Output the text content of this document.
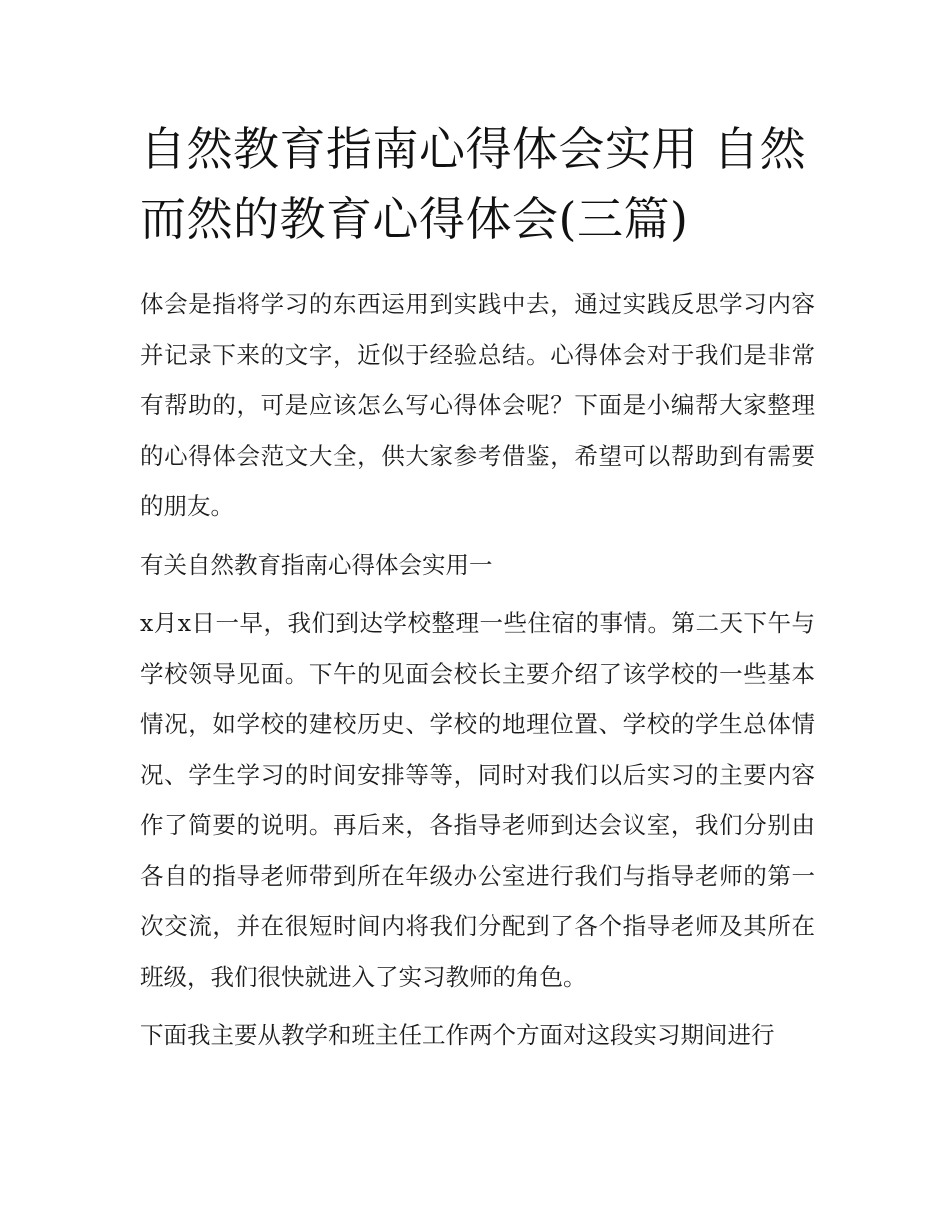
自然教育指南心得体会实用 自然而然的教育心得体会(三篇)

体会是指将学习的东西运用到实践中去，通过实践反思学习内容并记录下来的文字，近似于经验总结。心得体会对于我们是非常有帮助的，可是应该怎么写心得体会呢？下面是小编帮大家整理的心得体会范文大全，供大家参考借鉴，希望可以帮助到有需要的朋友。

有关自然教育指南心得体会实用一

x月x日一早，我们到达学校整理一些住宿的事情。第二天下午与学校领导见面。下午的见面会校长主要介绍了该学校的一些基本情况，如学校的建校历史、学校的地理位置、学校的学生总体情况、学生学习的时间安排等等，同时对我们以后实习的主要内容作了简要的说明。再后来，各指导老师到达会议室，我们分别由各自的指导老师带到所在年级办公室进行我们与指导老师的第一次交流，并在很短时间内将我们分配到了各个指导老师及其所在班级，我们很快就进入了实习教师的角色。

下面我主要从教学和班主任工作两个方面对这段实习期间进行
